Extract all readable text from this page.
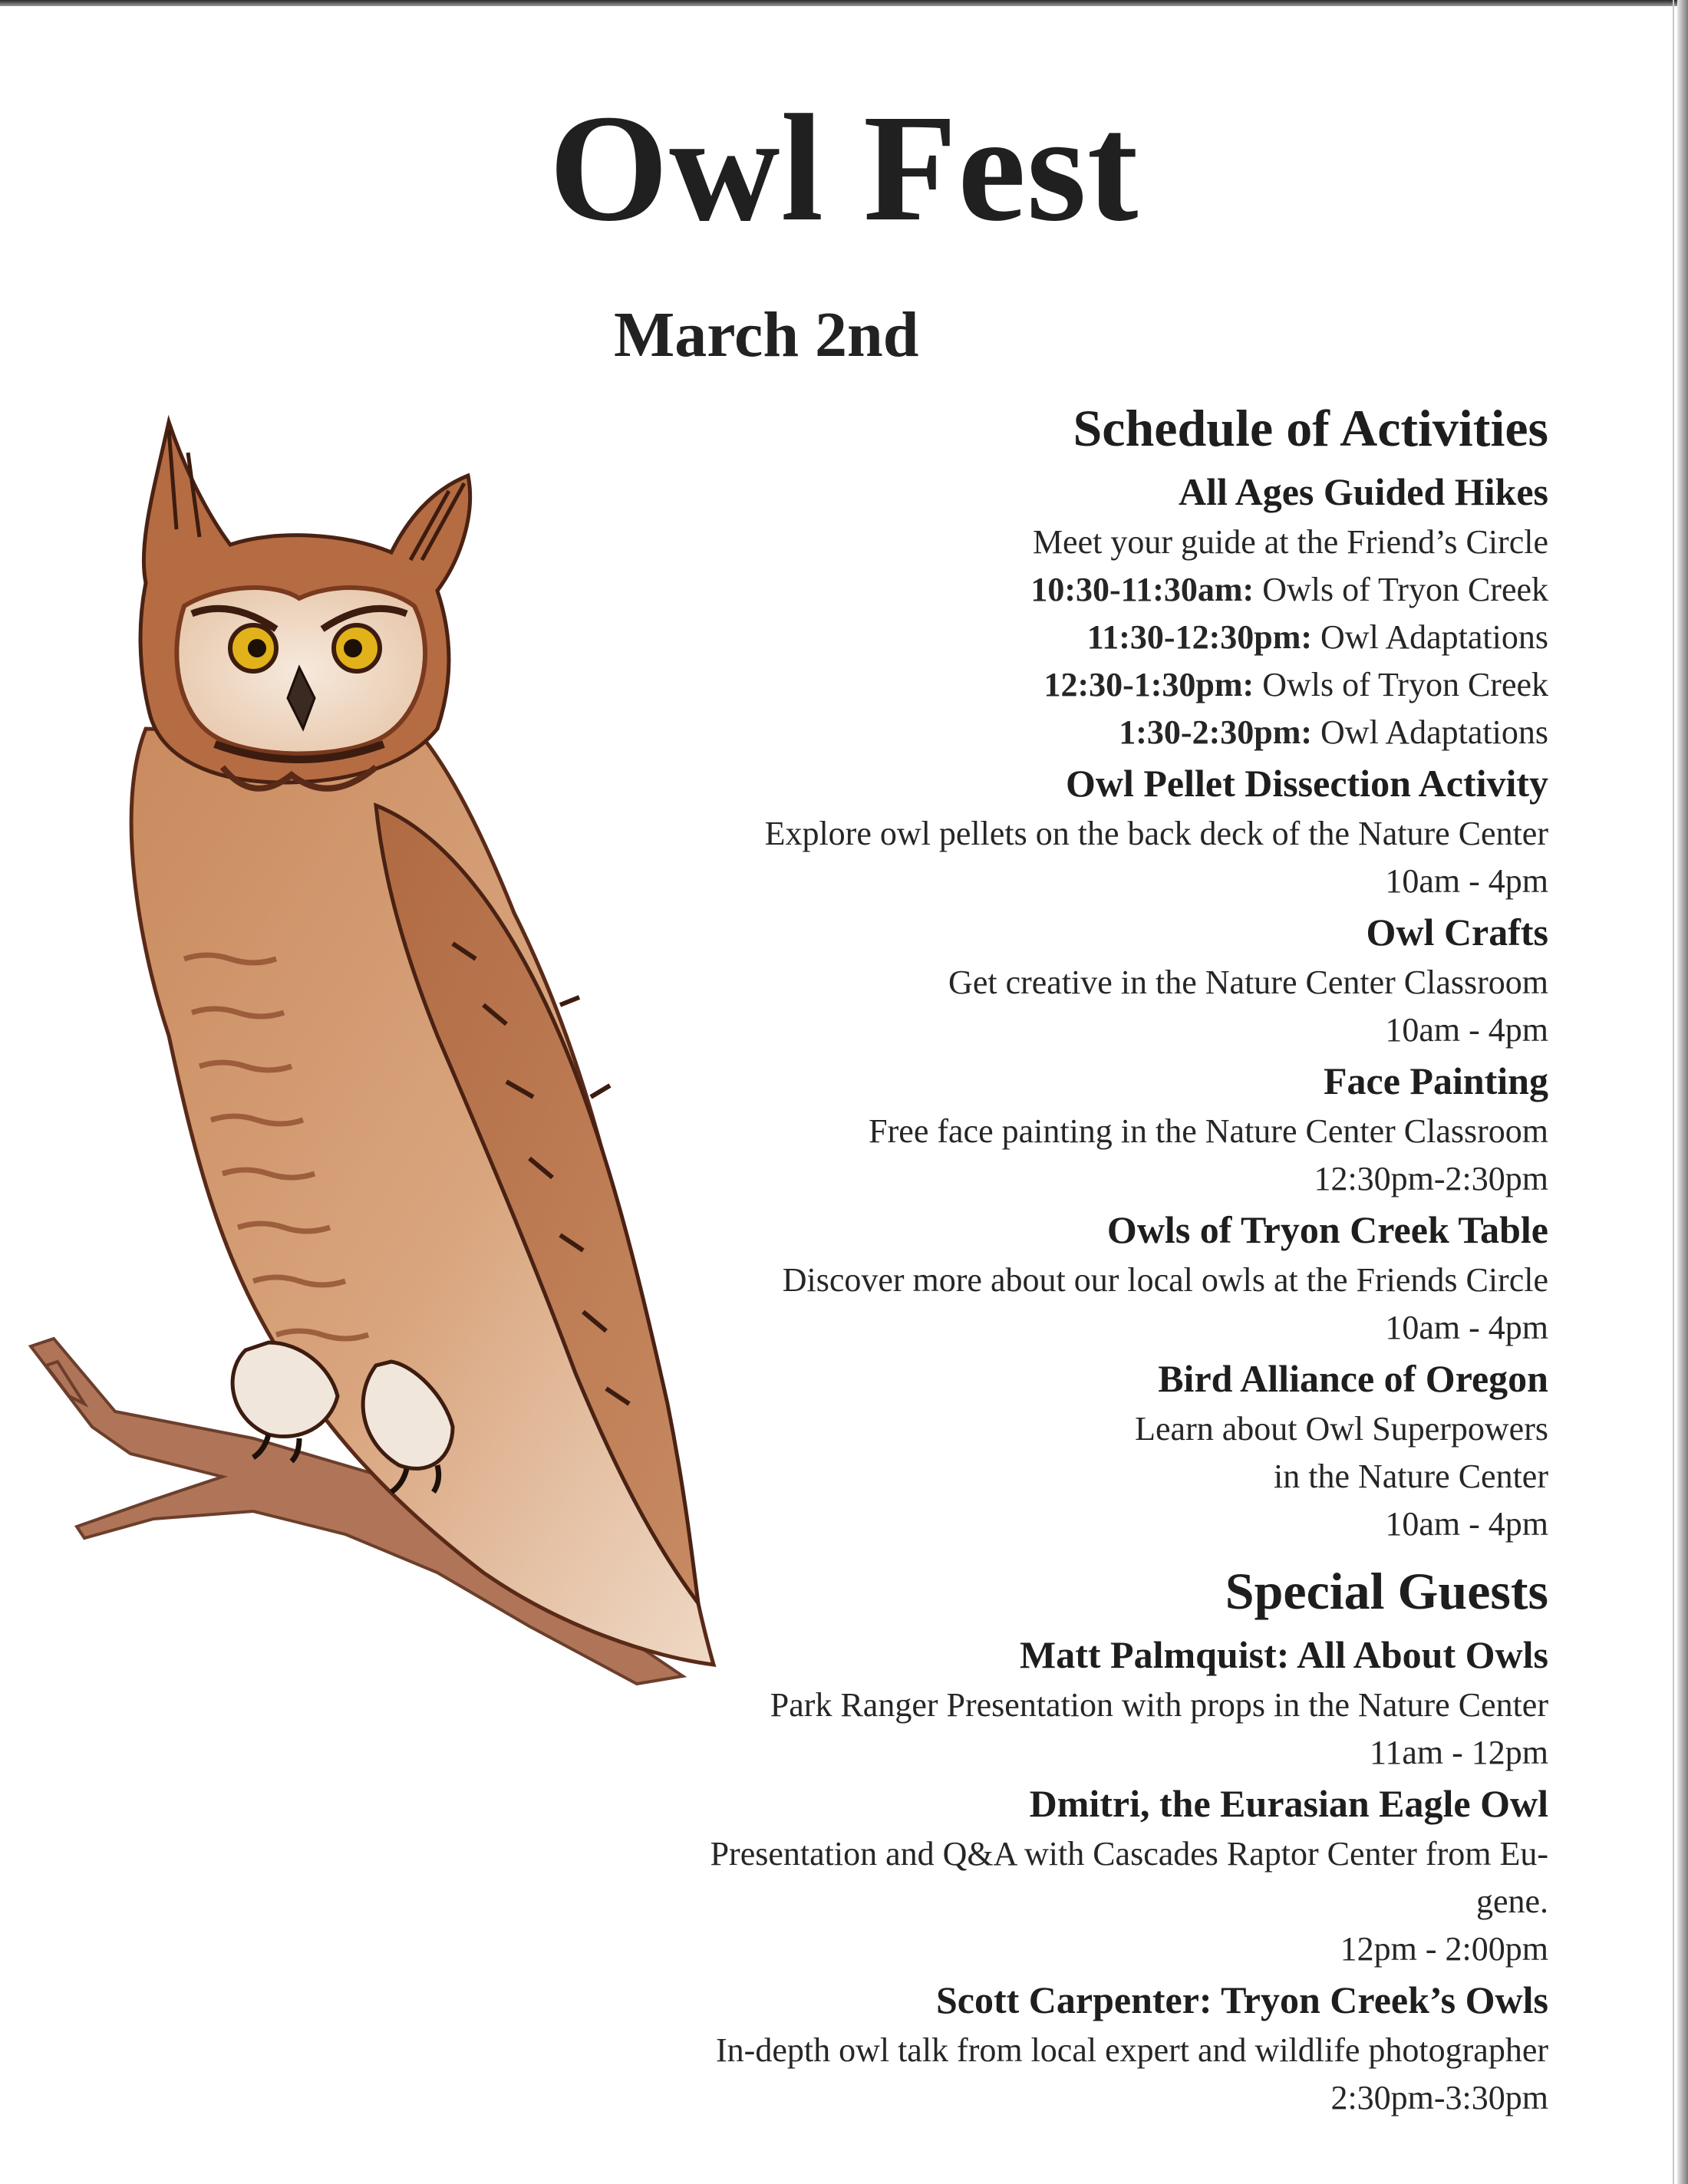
Owl Fest
March 2nd
Schedule of Activities
All Ages Guided Hikes
Meet your guide at the Friend’s Circle
10:30-11:30am: Owls of Tryon Creek
11:30-12:30pm: Owl Adaptations
12:30-1:30pm: Owls of Tryon Creek
1:30-2:30pm: Owl Adaptations
Owl Pellet Dissection Activity
Explore owl pellets on the back deck of the Nature Center
10am - 4pm
Owl Crafts
Get creative in the Nature Center Classroom
10am - 4pm
Face Painting
Free face painting in the Nature Center Classroom
12:30pm-2:30pm
Owls of Tryon Creek Table
Discover more about our local owls at the Friends Circle
10am - 4pm
Bird Alliance of Oregon
Learn about Owl Superpowers
in the Nature Center
10am - 4pm
Special Guests
Matt Palmquist: All About Owls
Park Ranger Presentation with props in the Nature Center
11am - 12pm
Dmitri, the Eurasian Eagle Owl
Presentation and Q&A with Cascades Raptor Center from Eu-
gene.
12pm - 2:00pm
Scott Carpenter: Tryon Creek’s Owls
In-depth owl talk from local expert and wildlife photographer
2:30pm-3:30pm
